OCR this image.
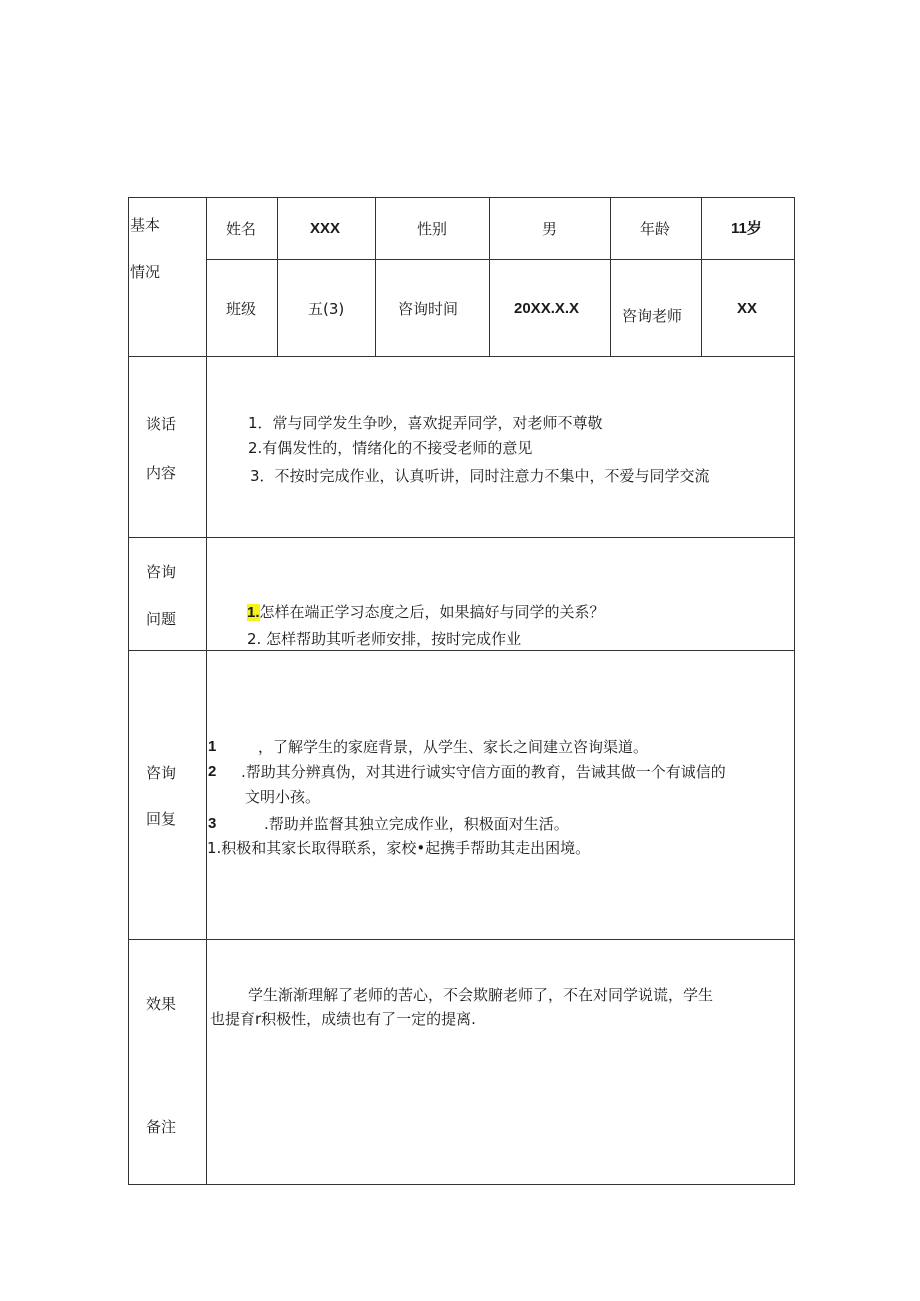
基本
情况
姓名	XXX	性别	男	年龄	11岁
班级	五(3)	咨询时间	20XX.X.X	咨询老师	XX
谈话
内容
1．常与同学发生争吵，喜欢捉弄同学，对老师不尊敬
2.有偶发性的，情绪化的不接受老师的意见
3．不按时完成作业，认真听讲，同时注意力不集中，不爱与同学交流
咨询
问题	1.怎样在端正学习态度之后，如果搞好与同学的关系？
2. 怎样帮助其听老师安排，按时完成作业
咨询
回复
1	，了解学生的家庭背景，从学生、家长之间建立咨询渠道。
2 .帮助其分辨真伪，对其进行诚实守信方面的教育，告诫其做一个有诚信的
文明小孩。
3	.帮助并监督其独立完成作业，积极面对生活。
1.积极和其家长取得联系，家校•起携手帮助其走出困境。
效果	学生渐渐理解了老师的苦心，不会欺腑老师了，不在对同学说谎，学生
也提育r积极性，成绩也有了一定的提离.
备注
